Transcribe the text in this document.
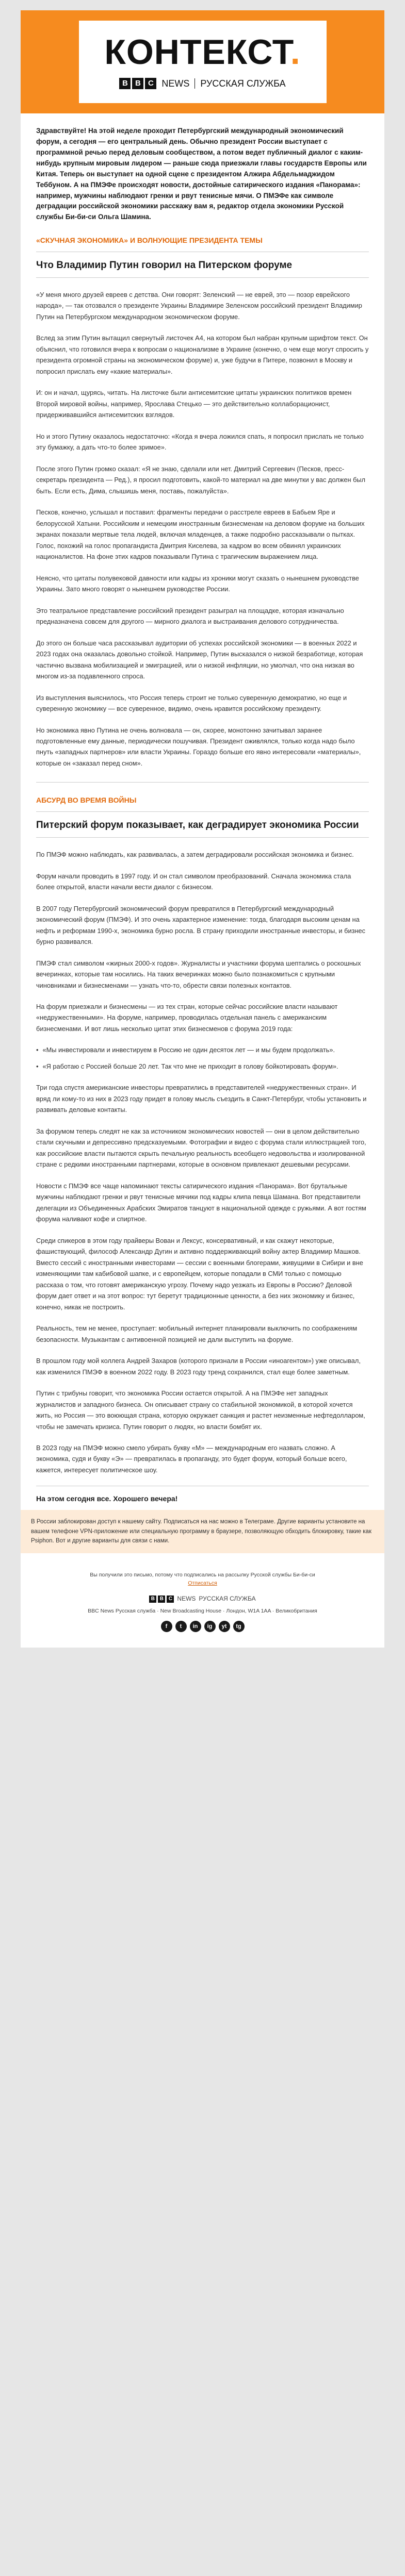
КОНТЕКСТ.
B B C NEWS РУССКАЯ СЛУЖБА
Здравствуйте! На этой неделе проходит Петербургский международный экономический форум, а сегодня — его центральный день. Обычно президент России выступает с программной речью перед деловым сообществом, а потом ведет публичный диалог с каким-нибудь крупным мировым лидером — раньше сюда приезжали главы государств Европы или Китая. Теперь он выступает на одной сцене с президентом Алжира Абдельмаджидом Теббуном. А на ПМЭФе происходят новости, достойные сатирического издания «Панорама»: например, мужчины наблюдают гренки и рвут тенисные мячи. О ПМЭФе как символе деградации российской экономики расскажу вам я, редактор отдела экономики Русской службы Би-би-си Ольга Шамина.
«СКУЧНАЯ ЭКОНОМИКА» И ВОЛНУЮЩИЕ ПРЕЗИДЕНТА ТЕМЫ
Что Владимир Путин говорил на Питерском форуме

«У меня много друзей евреев с детства. Они говорят: Зеленский — не еврей, это — позор еврейского народа», — так отозвался о президенте Украины Владимире Зеленском российский президент Владимир Путин на Петербургском международном экономическом форуме.

Вслед за этим Путин вытащил свернутый листочек А4, на котором был набран крупным шрифтом текст. Он объяснил, что готовился вчера к вопросам о национализме в Украине (конечно, о чем еще могут спросить у президента огромной страны на экономическом форуме) и, уже будучи в Питере, позвонил в Москву и попросил прислать ему «какие материалы».

И: он и начал, щурясь, читать. На листочке были антисемитские цитаты украинских политиков времен Второй мировой войны, например, Ярослава Стецько — это действительно коллаборационист, придерживавшийся антисемитских взглядов.

Но и этого Путину оказалось недостаточно: «Когда я вчера ложился спать, я попросил прислать не только эту бумажку, а дать что-то более зримое».

После этого Путин громко сказал: «Я не знаю, сделали или нет. Дмитрий Сергеевич (Песков, пресс-секретарь президента — Ред.), я просил подготовить, какой-то материал на две минутки у вас должен был быть. Если есть, Дима, слышишь меня, поставь, пожалуйста».

Песков, конечно, услышал и поставил: фрагменты передачи о расстреле евреев в Бабьем Яре и белорусской Хатыни. Российским и немецким иностранным бизнесменам на деловом форуме на больших экранах показали мертвые тела людей, включая младенцев, а также подробно рассказывали о пытках. Голос, похожий на голос пропагандиста Дмитрия Киселева, за кадром во всем обвинял украинских националистов. На фоне этих кадров показывали Путина с трагическим выражением лица.

Неясно, что цитаты полувековой давности или кадры из хроники могут сказать о нынешнем руководстве Украины. Зато много говорят о нынешнем руководстве России.

Это театральное представление российский президент разыграл на площадке, которая изначально предназначена совсем для другого — мирного диалога и выстраивания делового сотрудничества.

До этого он больше часа рассказывал аудитории об успехах российской экономики — в военных 2022 и 2023 годах она оказалась довольно стойкой. Например, Путин высказался о низкой безработице, которая частично вызвана мобилизацией и эмиграцией, или о низкой инфляции, но умолчал, что она низкая во многом из-за подавленного спроса.

Из выступления выяснилось, что Россия теперь строит не только суверенную демократию, но еще и суверенную экономику — все суверенное, видимо, очень нравится российскому президенту.

Но экономика явно Путина не очень волновала — он, скорее, монотонно зачитывал заранее подготовленные ему данные, периодически пошучивая. Президент оживлялся, только когда надо было пнуть «западных партнеров» или власти Украины. Гораздо больше его явно интересовали «материалы», которые он «заказал перед сном».

АБСУРД ВО ВРЕМЯ ВОЙНЫ
Питерский форум показывает, как деградирует экономика России

По ПМЭФ можно наблюдать, как развивалась, а затем деградировали российская экономика и бизнес.

Форум начали проводить в 1997 году. И он стал символом преобразований. Сначала экономика стала более открытой, власти начали вести диалог с бизнесом.

В 2007 году Петербургский экономический форум превратился в Петербургский международный экономический форум (ПМЭФ). И это очень характерное изменение: тогда, благодаря высоким ценам на нефть и реформам 1990-х, экономика бурно росла. В страну приходили иностранные инвесторы, и бизнес бурно развивался.

ПМЭФ стал символом «жирных 2000-х годов». Журналисты и участники форума шептались о роскошных вечеринках, которые там носились. На таких вечеринках можно было познакомиться с крупными чиновниками и бизнесменами — узнать что-то, обрести связи полезных контактов.

На форум приезжали и бизнесмены — из тех стран, которые сейчас российские власти называют «недружественными». На форуме, например, проводилась отдельная панель с американским бизнесменами. И вот лишь несколько цитат этих бизнесменов с форума 2019 года:

• «Мы инвестировали и инвестируем в Россию не один десяток лет — и мы будем продолжать».
• «Я работаю с Россией больше 20 лет. Так что мне не приходит в голову бойкотировать форум».

Три года спустя американские инвесторы превратились в представителей «недружественных стран». И вряд ли кому-то из них в 2023 году придет в голову мысль съездить в Санкт-Петербург, чтобы установить и развивать деловые контакты.

За форумом теперь следят не как за источником экономических новостей — они в целом действительно стали скучными и депрессивно предсказуемыми. Фотографии и видео с форума стали иллюстрацией того, как российские власти пытаются скрыть печальную реальность всеобщего недовольства и изолированной стране с редкими иностранными партнерами, которые в основном привлекают дешевыми ресурсами.

Новости с ПМЭФ все чаще напоминают тексты сатирического издания «Панорама». Вот брутальные мужчины наблюдают гренки и рвут тенисные мячики под кадры клипа певца Шамана. Вот представители делегации из Объединенных Арабских Эмиратов танцуют в национальной одежде с ружьями. А вот гостям форума наливают кофе и спиртное.

Среди спикеров в этом году прайверы Вован и Лексус, консервативный, и как скажут некоторые, фашиствующий, философ Александр Дугин и активно поддерживающий войну актер Владимир Машков. Вместо сессий с иностранными инвесторами — сессии с военными блогерами, живущими в Сибири и вне изменяющими там кабибовой шапке, и с европейцем, которые попадали в СМИ только с помощью рассказа о том, что готовят американскую угрозу. Почему надо уезжать из Европы в Россию? Деловой форум дает ответ и на этот вопрос: тут беретут традиционные ценности, а без них экономику и бизнес, конечно, никак не построить.

Реальность, тем не менее, проступает: мобильный интернет планировали выключить по соображениям безопасности. Музыкантам с антивоенной позицией не дали выступить на форуме.

В прошлом году мой коллега Андрей Захаров (которого признали в России «иноагентом») уже описывал, как изменился ПМЭФ в военном 2022 году. В 2023 году тренд сохранился, стал еще более заметным.

Путин с трибуны говорит, что экономика России остается открытой. А на ПМЭФе нет западных журналистов и западного бизнеса. Он описывает страну со стабильной экономикой, в которой хочется жить, но Россия — это воюющая страна, которую окружает санкция и растет неизменные нефтедолларом, чтобы не замечать кризиса. Путин говорит о людях, но власти бомбят их.

В 2023 году на ПМЭФ можно смело убирать букву «М» — международным его назвать сложно. А экономика, судя и букву «Э» — превратилась в пропаганду, это будет форум, который больше всего, кажется, интересует политическое шоу.

На этом сегодня все. Хорошего вечера!
В России заблокирован доступ к нашему сайту. Подписаться на нас можно в Телеграме. Другие варианты установите на вашем телефоне VPN-приложение или специальную программу в браузере, позволяющую обходить блокировку, такие как Psiphon. Вот и другие варианты для связи с нами.
Вы получили это письмо, потому что подписались на рассылку Русской службы Би-би-си
Отписаться
B B C NEWS РУССКАЯ СЛУЖБА
BBC News Русская служба · New Broadcasting House · Лондон, W1A 1AA · Великобритания
f	t	in	ig	yt	tg
